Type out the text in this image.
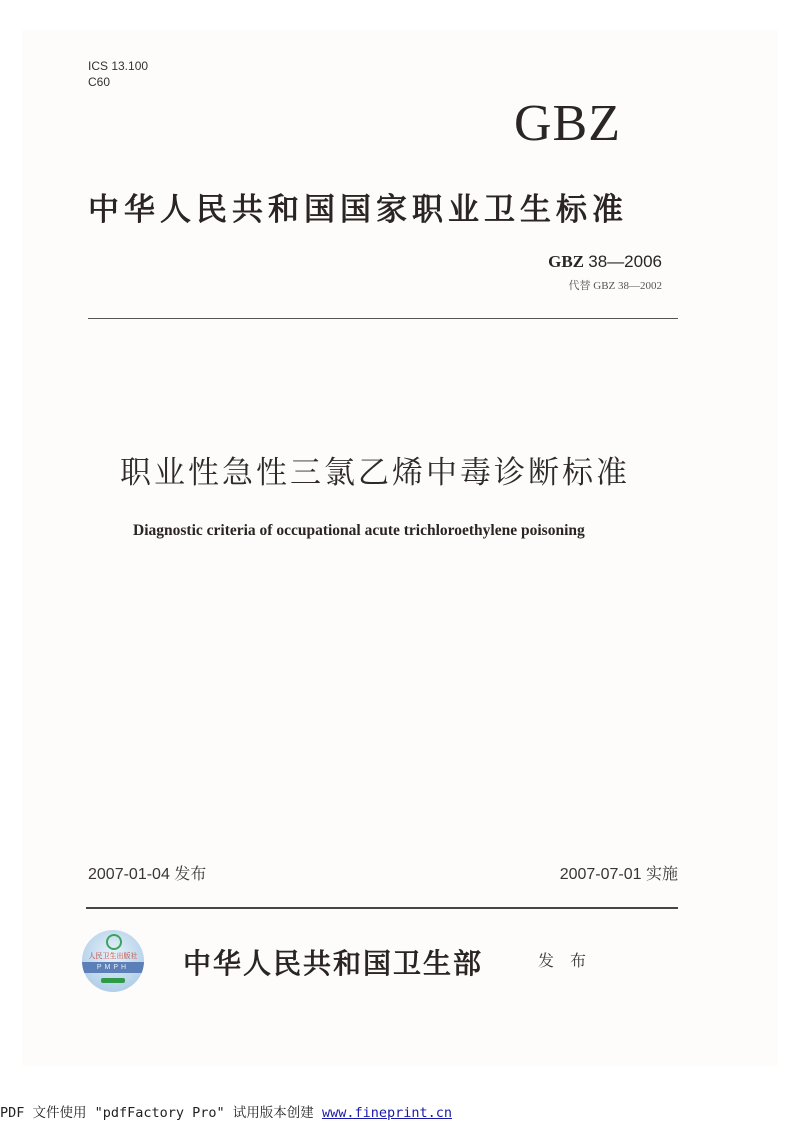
ICS 13.100
C60
GBZ
中华人民共和国国家职业卫生标准
GBZ 38—2006
代替 GBZ 38—2002
职业性急性三氯乙烯中毒诊断标准
Diagnostic criteria of occupational acute trichloroethylene poisoning
2007-01-04 发布	2007-07-01 实施
人民卫生出版社
PMPH	中华人民共和国卫生部	发 布
PDF 文件使用 "pdfFactory Pro" 试用版本创建 www.fineprint.cn
